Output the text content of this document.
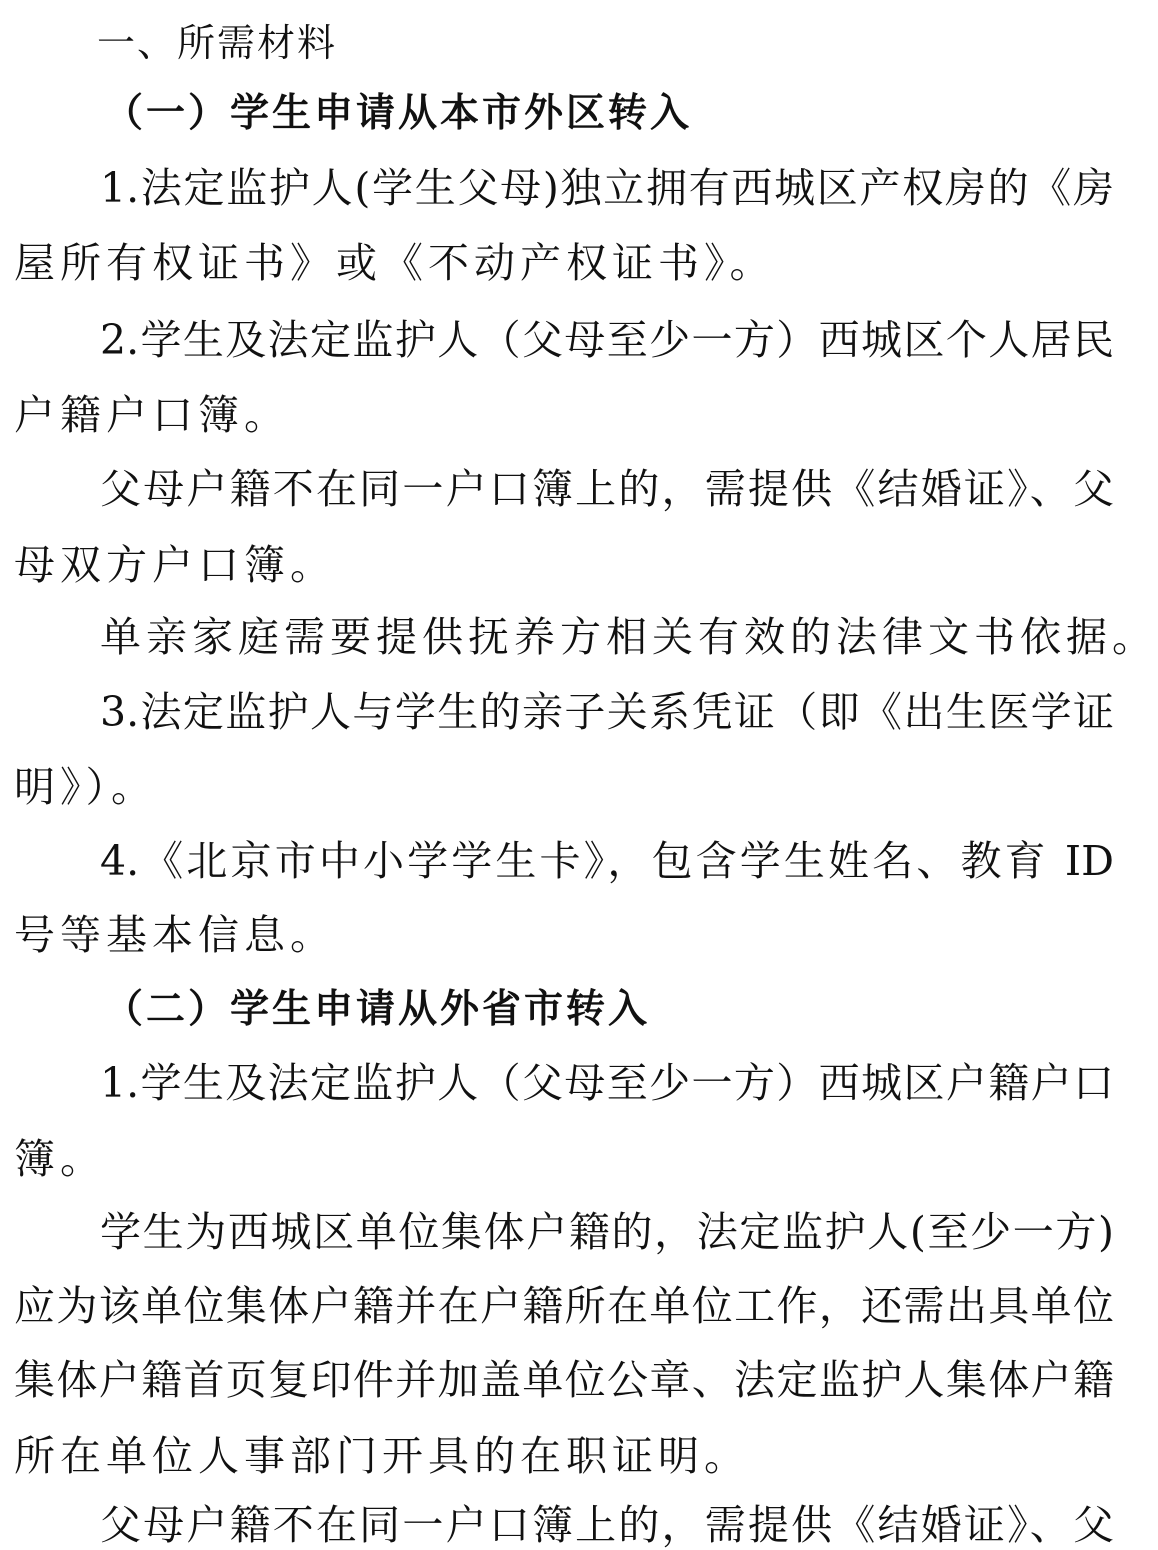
一、所需材料
（一）学生申请从本市外区转入
1.法定监护人(学生父母)独立拥有西城区产权房的《房
屋所有权证书》或《不动产权证书》。
2.学生及法定监护人（父母至少一方）西城区个人居民
户籍户口簿。
父母户籍不在同一户口簿上的，需提供《结婚证》、父
母双方户口簿。
单亲家庭需要提供抚养方相关有效的法律文书依据。
3.法定监护人与学生的亲子关系凭证（即《出生医学证
明》）。
4.《北京市中小学学生卡》，包含学生姓名、教育 ID
号等基本信息。
（二）学生申请从外省市转入
1.学生及法定监护人（父母至少一方）西城区户籍户口
簿。
学生为西城区单位集体户籍的，法定监护人(至少一方)
应为该单位集体户籍并在户籍所在单位工作，还需出具单位
集体户籍首页复印件并加盖单位公章、法定监护人集体户籍
所在单位人事部门开具的在职证明。
父母户籍不在同一户口簿上的，需提供《结婚证》、父
